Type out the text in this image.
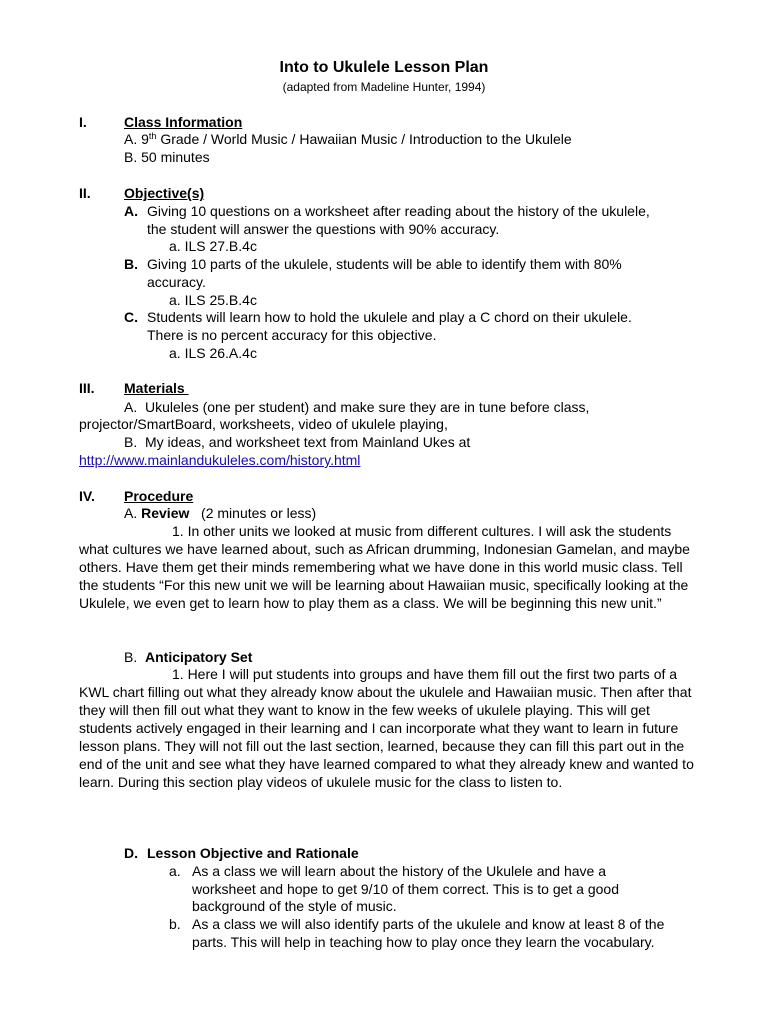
Into to Ukulele Lesson Plan
(adapted from Madeline Hunter, 1994)
I.	Class Information
A. 9th Grade / World Music / Hawaiian Music / Introduction to the Ukulele
B. 50 minutes
II. Objective(s)
A. Giving 10 questions on a worksheet after reading about the history of the ukulele,
the student will answer the questions with 90% accuracy.
a. ILS 27.B.4c
B. Giving 10 parts of the ukulele, students will be able to identify them with 80%
accuracy.
a. ILS 25.B.4c
C. Students will learn how to hold the ukulele and play a C chord on their ukulele.
There is no percent accuracy for this objective.
a. ILS 26.A.4c
III. Materials
A.  Ukuleles (one per student) and make sure they are in tune before class,
projector/SmartBoard, worksheets, video of ukulele playing,
B.  My ideas, and worksheet text from Mainland Ukes at
http://www.mainlandukuleles.com/history.html
IV. Procedure
A. Review   (2 minutes or less)
1. In other units we looked at music from different cultures. I will ask the students what cultures we have learned about, such as African drumming, Indonesian Gamelan, and maybe others. Have them get their minds remembering what we have done in this world music class. Tell the students “For this new unit we will be learning about Hawaiian music, specifically looking at the Ukulele, we even get to learn how to play them as a class. We will be beginning this new unit.”
B.  Anticipatory Set
1. Here I will put students into groups and have them fill out the first two parts of a KWL chart filling out what they already know about the ukulele and Hawaiian music. Then after that they will then fill out what they want to know in the few weeks of ukulele playing. This will get students actively engaged in their learning and I can incorporate what they want to learn in future lesson plans. They will not fill out the last section, learned, because they can fill this part out in the end of the unit and see what they have learned compared to what they already knew and wanted to learn. During this section play videos of ukulele music for the class to listen to.
D. Lesson Objective and Rationale
a. As a class we will learn about the history of the Ukulele and have a
worksheet and hope to get 9/10 of them correct. This is to get a good
background of the style of music.
b. As a class we will also identify parts of the ukulele and know at least 8 of the
parts. This will help in teaching how to play once they learn the vocabulary.
